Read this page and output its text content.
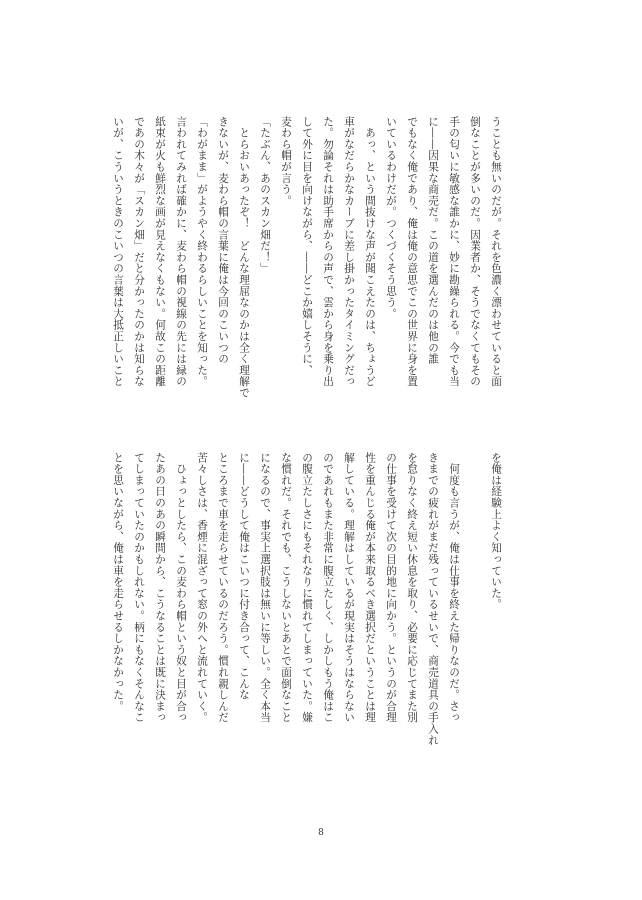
うことも無いのだが。それを色濃く漂わせていると面

倒なことが多いのだ。因業者か、そうでなくてもその

手の匂いに敏感な誰かに、妙に勘繰られる。今でも当

に――因果な商売だ。この道を選んだのは他の誰

でもなく俺であり、俺は俺の意思でこの世界に身を置

いているわけだが。つくづくそう思う。

　あっ、という間抜けな声が聞こえたのは、ちょうど

車がなだらかなカーブに差し掛かったタイミングだっ

た。勿論それは助手席からの声で、雲から身を乗り出

して外に目を向けながら、――どこか嬉しそうに、

麦わら帽が言う。

「たぶん、あのスカン畑だ！」

　とらおいあったぞ！　どんな理屈なのかは全く理解で

きないが、麦わら帽の言葉に俺は今回のこいつの

「わがまま」がようやく終わるらしいことを知った。

言われてみれば確かに、麦わら帽の視線の先には緑の

紙束が火も鮮烈な画が見えなくもない。何故この距離

であの木々が「スカン畑」だと分かったのかは知らな

いが、こういうときのこいつの言葉は大抵正しいこと

を俺は経験上よく知っていた。

　何度も言うが、俺は仕事を終えた帰りなのだ。さっ

きまでの疲れがまだ残っているせいで、商売道具の手入れ

を怠りなく終え短い休息を取り、必要に応じてまた別

の仕事を受けて次の目的地に向かう。というのが合理

性を重んじる俺が本来取るべき選択だということは理

解している。理解はしているが現実はそうはならない

のであれもまた非常に腹立たしく、しかしもう俺はこ

の腹立たしさにもそれなりに慣れてしまっていた。嫌

な慣れだ。それでも、こうしないとあとで面倒なこと

になるので、事実上選択肢は無いに等しい。全く本当

に――どうして俺はこいつに付き合って、こんな

ところまで車を走らせているのだろう。慣れ親しんだ

苦々しさは、香煙に混ざって窓の外へと流れていく。

　ひょっとしたら、この麦わら帽という奴と目が合っ

たあの日のあの瞬間から、こうなることは既に決まっ

てしまっていたのかもしれない。柄にもなくそんなこ

とを思いながら、俺は車を走らせるしかなかった。

8
